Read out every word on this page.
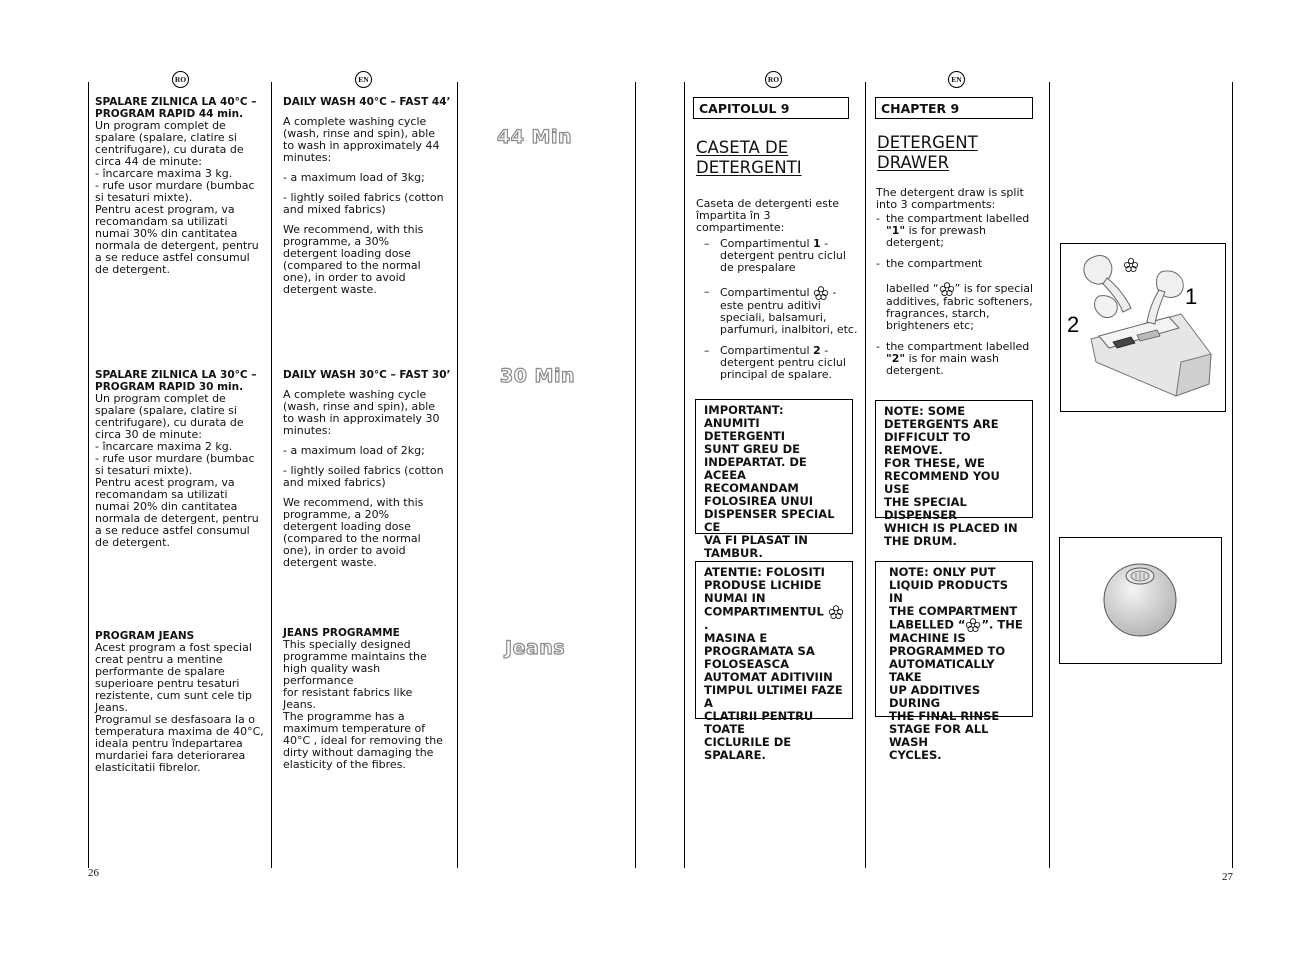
RO	EN
SPALARE ZILNICA LA 40°C –
PROGRAM RAPID 44 min.
Un program complet de
spalare (spalare, clatire si
centrifugare), cu durata de
circa 44 de minute:
- încarcare maxima 3 kg.
- rufe usor murdare (bumbac
si tesaturi mixte).
Pentru acest program, va
recomandam sa utilizati
numai 30% din cantitatea
normala de detergent, pentru
a se reduce astfel consumul
de detergent.
SPALARE ZILNICA LA 30°C –
PROGRAM RAPID 30 min.
Un program complet de
spalare (spalare, clatire si
centrifugare), cu durata de
circa 30 de minute:
- încarcare maxima 2 kg.
- rufe usor murdare (bumbac
si tesaturi mixte).
Pentru acest program, va
recomandam sa utilizati
numai 20% din cantitatea
normala de detergent, pentru
a se reduce astfel consumul
de detergent.
PROGRAM JEANS
Acest program a fost special
creat pentru a mentine
performante de spalare
superioare pentru tesaturi
rezistente, cum sunt cele tip
Jeans.
Programul se desfasoara la o
temperatura maxima de 40°C,
ideala pentru îndepartarea
murdariei fara deteriorarea
elasticitatii fibrelor.
DAILY WASH 40°C – FAST 44’

A complete washing cycle
(wash, rinse and spin), able
to wash in approximately 44
minutes:

- a maximum load of 3kg;

- lightly soiled fabrics (cotton
and mixed fabrics)

We recommend, with this
programme, a 30%
detergent loading dose
(compared to the normal
one), in order to avoid
detergent waste.

DAILY WASH 30°C – FAST 30’

A complete washing cycle
(wash, rinse and spin), able
to wash in approximately 30
minutes:

- a maximum load of 2kg;

- lightly soiled fabrics (cotton
and mixed fabrics)

We recommend, with this
programme, a 20%
detergent loading dose
(compared to the normal
one), in order to avoid
detergent waste.

JEANS PROGRAMME
This specially designed
programme maintains the
high quality wash
performance
for resistant fabrics like
Jeans.
The programme has a
maximum temperature of
40°C , ideal for removing the
dirty without damaging the
elasticity of the fibres.
44 Min
30 Min
Jeans
26
RO	EN
CAPITOLUL 9
CASETA DE
DETERGENTI
Caseta de detergenti este
împartita în 3
compartimente:
– Compartimentul 1 -
detergent pentru ciclul
de prespalare
– Compartimentul  -
este pentru aditivi
speciali, balsamuri,
parfumuri, inalbitori, etc.
– Compartimentul 2 -
detergent pentru ciclul
principal de spalare.
IMPORTANT:
ANUMITI DETERGENTI
SUNT GREU DE
INDEPARTAT. DE ACEEA
RECOMANDAM
FOLOSIREA UNUI
DISPENSER SPECIAL CE
VA FI PLASAT IN
TAMBUR.
ATENTIE: FOLOSITI
PRODUSE LICHIDE
NUMAI IN
COMPARTIMENTUL .
MASINA E
PROGRAMATA SA
FOLOSEASCA
AUTOMAT ADITIVIIN
TIMPUL ULTIMEI FAZE A
CLATIRII PENTRU TOATE
CICLURILE DE SPALARE.
CHAPTER 9
DETERGENT
DRAWER
The detergent draw is split
into 3 compartments:
- the compartment labelled
"1" is for prewash
detergent;
- the compartment

labelled “ ” is for special
additives, fabric softeners,
fragrances, starch,
brighteners etc;
- the compartment labelled
"2" is for main wash
detergent.
NOTE: SOME
DETERGENTS ARE
DIFFICULT TO REMOVE.
FOR THESE, WE
RECOMMEND YOU USE
THE SPECIAL DISPENSER
WHICH IS PLACED IN
THE DRUM.
NOTE: ONLY PUT
LIQUID PRODUCTS IN
THE COMPARTMENT
LABELLED “ ”. THE
MACHINE IS
PROGRAMMED TO
AUTOMATICALLY TAKE
UP ADDITIVES DURING
THE FINAL RINSE
STAGE FOR ALL WASH
CYCLES.
1
2
27
